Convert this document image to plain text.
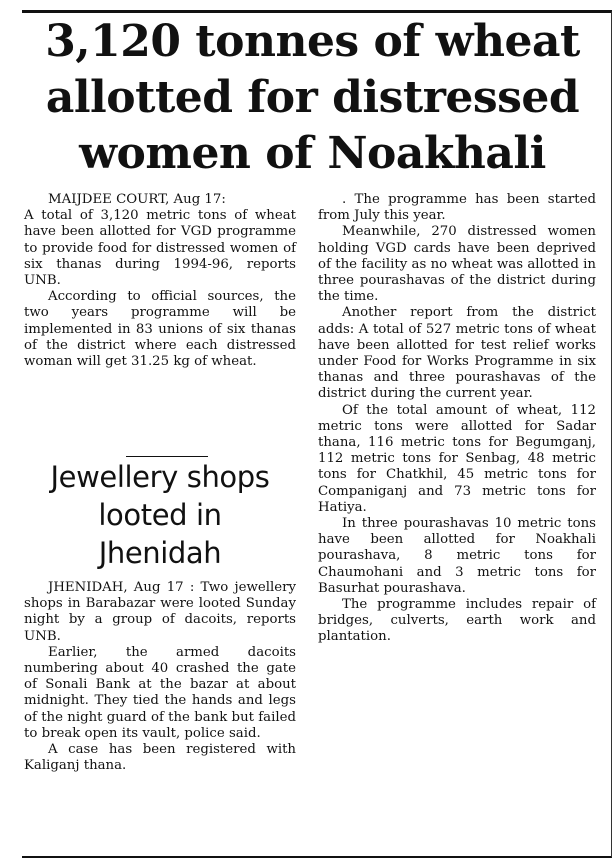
3,120 tonnes of wheat
allotted for distressed
women of Noakhali

MAIJDEE COURT, Aug 17:
A total of 3,120 metric tons of wheat have been allotted for VGD programme to provide food for distressed women of six thanas during 1994-96, reports UNB.

According to official sources, the two years programme will be implemented in 83 unions of six thanas of the district where each distressed woman will get 31.25 kg of wheat.

Jewellery shops
looted in
Jhenidah

JHENIDAH, Aug 17 : Two jewellery shops in Barabazar were looted Sunday night by a group of dacoits, reports UNB.

Earlier, the armed dacoits numbering about 40 crashed the gate of Sonali Bank at the bazar at about midnight. They tied the hands and legs of the night guard of the bank but failed to break open its vault, police said.

A case has been registered with Kaliganj thana.

. The programme has been started from July this year.

Meanwhile, 270 distressed women holding VGD cards have been deprived of the facility as no wheat was allotted in three pourashavas of the district during the time.

Another report from the district adds: A total of 527 metric tons of wheat have been allotted for test relief works under Food for Works Programme in six thanas and three pourashavas of the district during the current year.

Of the total amount of wheat, 112 metric tons were allotted for Sadar thana, 116 metric tons for Begumganj, 112 metric tons for Senbag, 48 metric tons for Chatkhil, 45 metric tons for Companiganj and 73 metric tons for Hatiya.

In three pourashavas 10 metric tons have been allotted for Noakhali pourashava, 8 metric tons for Chaumohani and 3 metric tons for Basurhat pourashava.

The programme includes repair of bridges, culverts, earth work and plantation.
